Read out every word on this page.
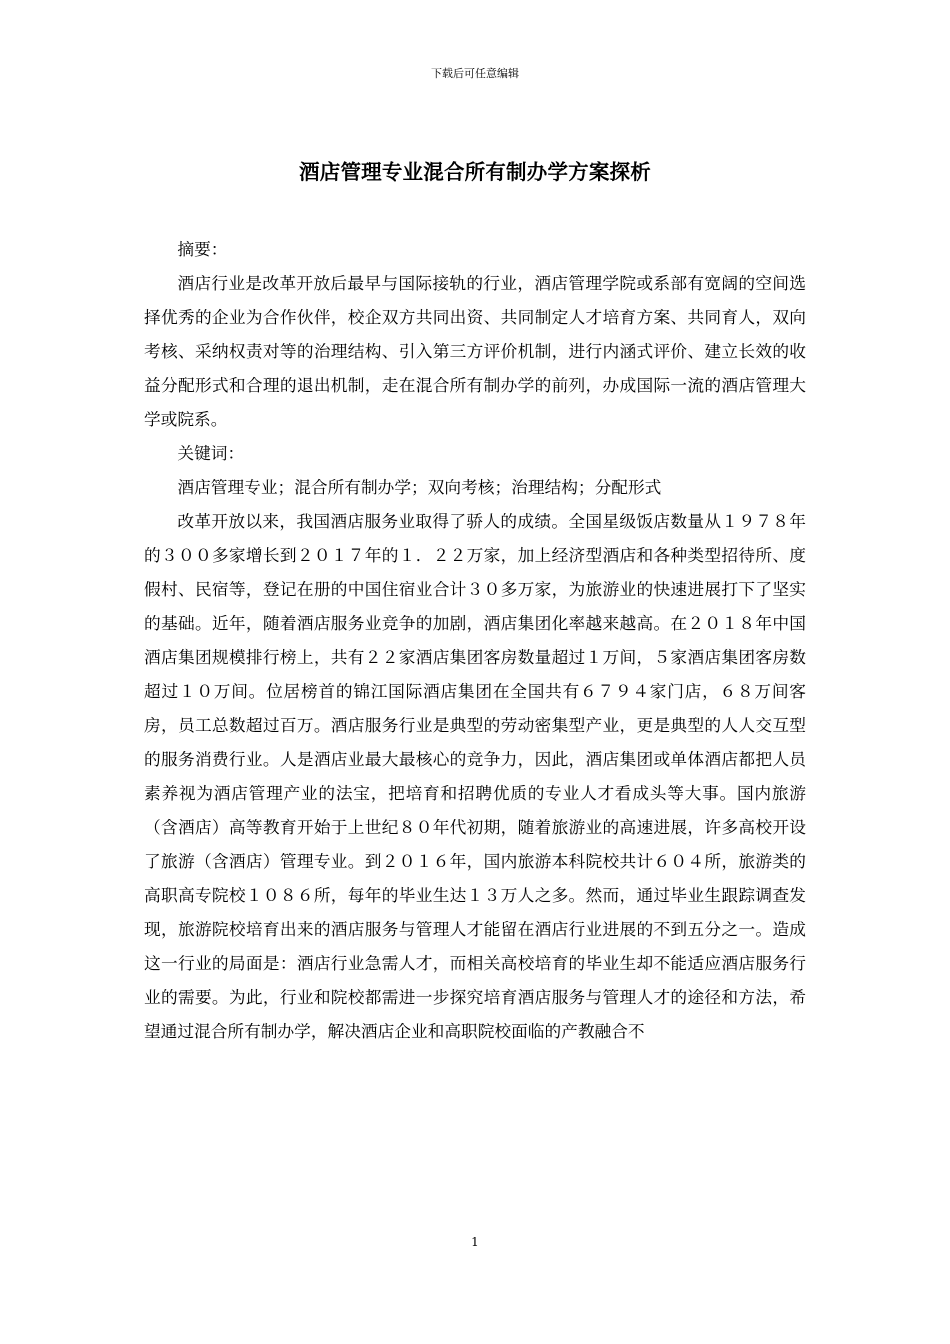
下载后可任意编辑
酒店管理专业混合所有制办学方案探析

摘要：

酒店行业是改革开放后最早与国际接轨的行业，酒店管理学院或系部有宽阔的空间选择优秀的企业为合作伙伴，校企双方共同出资、共同制定人才培育方案、共同育人，双向考核、采纳权责对等的治理结构、引入第三方评价机制，进行内涵式评价、建立长效的收益分配形式和合理的退出机制，走在混合所有制办学的前列，办成国际一流的酒店管理大学或院系。

关键词：

酒店管理专业；混合所有制办学；双向考核；治理结构；分配形式

改革开放以来，我国酒店服务业取得了骄人的成绩。全国星级饭店数量从１９７８年的３００多家增长到２０１７年的１．２２万家，加上经济型酒店和各种类型招待所、度假村、民宿等，登记在册的中国住宿业合计３０多万家，为旅游业的快速进展打下了坚实的基础。近年，随着酒店服务业竞争的加剧，酒店集团化率越来越高。在２０１８年中国酒店集团规模排行榜上，共有２２家酒店集团客房数量超过１万间，５家酒店集团客房数超过１０万间。位居榜首的锦江国际酒店集团在全国共有６７９４家门店，６８万间客房，员工总数超过百万。酒店服务行业是典型的劳动密集型产业，更是典型的人人交互型的服务消费行业。人是酒店业最大最核心的竞争力，因此，酒店集团或单体酒店都把人员素养视为酒店管理产业的法宝，把培育和招聘优质的专业人才看成头等大事。国内旅游（含酒店）高等教育开始于上世纪８０年代初期，随着旅游业的高速进展，许多高校开设了旅游（含酒店）管理专业。到２０１６年，国内旅游本科院校共计６０４所，旅游类的高职高专院校１０８６所，每年的毕业生达１３万人之多。然而，通过毕业生跟踪调查发现，旅游院校培育出来的酒店服务与管理人才能留在酒店行业进展的不到五分之一。造成这一行业的局面是：酒店行业急需人才，而相关高校培育的毕业生却不能适应酒店服务行业的需要。为此，行业和院校都需进一步探究培育酒店服务与管理人才的途径和方法，希望通过混合所有制办学，解决酒店企业和高职院校面临的产教融合不

1
